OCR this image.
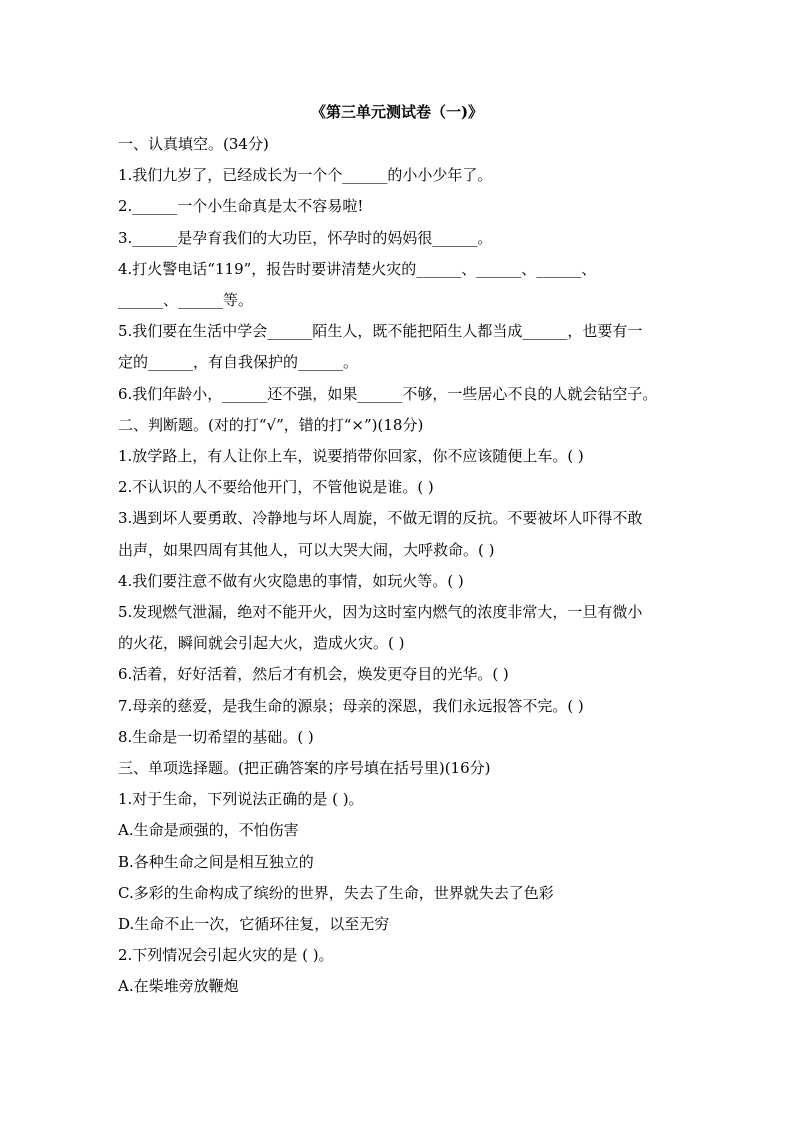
《第三单元测试卷（一)》
一、认真填空。(34分)
1.我们九岁了，已经成长为一个个______的小小少年了。
2.______一个小生命真是太不容易啦!
3.______是孕育我们的大功臣，怀孕时的妈妈很______。
4.打火警电话“119”，报告时要讲清楚火灾的______、______、______、
______、______等。
5.我们要在生活中学会______陌生人，既不能把陌生人都当成______，也要有一
定的______，有自我保护的______。
6.我们年龄小，______还不强，如果______不够，一些居心不良的人就会钻空子。
二、判断题。(对的打“√”，错的打“×”)(18分)
1.放学路上，有人让你上车，说要捎带你回家，你不应该随便上车。( )
2.不认识的人不要给他开门，不管他说是谁。( )
3.遇到坏人要勇敢、冷静地与坏人周旋，不做无谓的反抗。不要被坏人吓得不敢
出声，如果四周有其他人，可以大哭大闹，大呼救命。( )
4.我们要注意不做有火灾隐患的事情，如玩火等。( )
5.发现燃气泄漏，绝对不能开火，因为这时室内燃气的浓度非常大，一旦有微小
的火花，瞬间就会引起大火，造成火灾。( )
6.活着，好好活着，然后才有机会，焕发更夺目的光华。( )
7.母亲的慈爱，是我生命的源泉；母亲的深恩，我们永远报答不完。( )
8.生命是一切希望的基础。( )
三、单项选择题。(把正确答案的序号填在括号里)(16分)
1.对于生命，下列说法正确的是 ( )。
A.生命是顽强的，不怕伤害
B.各种生命之间是相互独立的
C.多彩的生命构成了缤纷的世界，失去了生命，世界就失去了色彩
D.生命不止一次，它循环往复，以至无穷
2.下列情况会引起火灾的是 ( )。
A.在柴堆旁放鞭炮
